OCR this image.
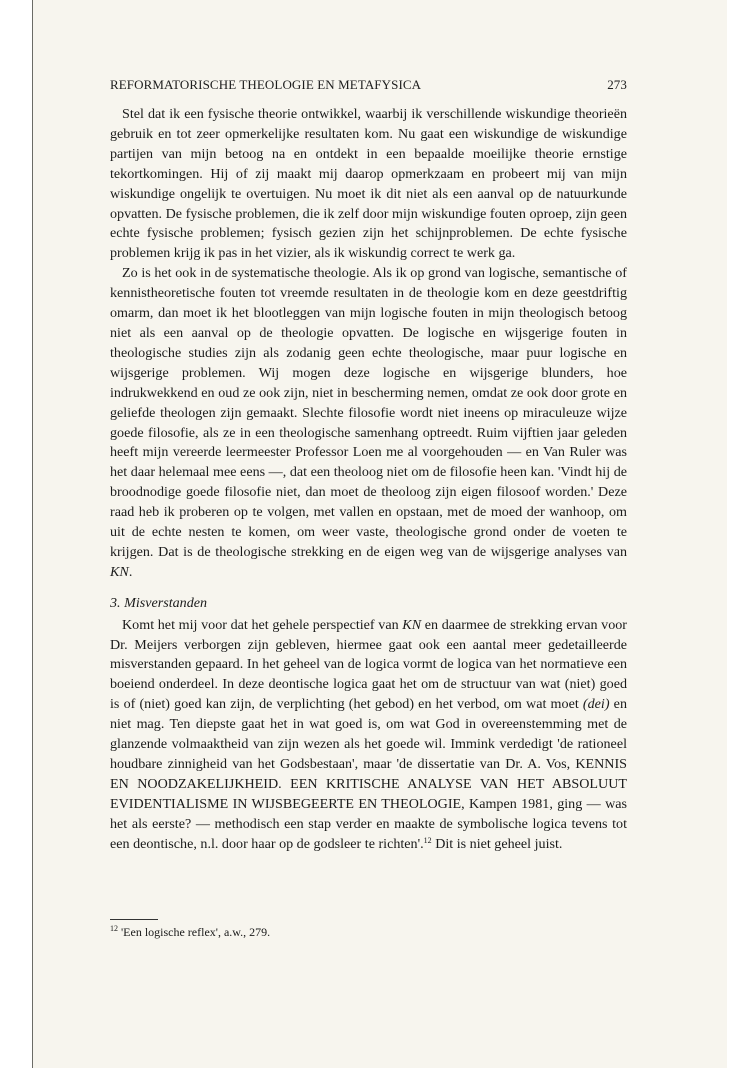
REFORMATORISCHE THEOLOGIE EN METAFYSICA	273

Stel dat ik een fysische theorie ontwikkel, waarbij ik verschillende wiskundige theorieën gebruik en tot zeer opmerkelijke resultaten kom. Nu gaat een wiskundige de wiskundige partijen van mijn betoog na en ontdekt in een bepaalde moeilijke theorie ernstige tekortkomingen. Hij of zij maakt mij daarop opmerkzaam en probeert mij van mijn wiskundige ongelijk te overtuigen. Nu moet ik dit niet als een aanval op de natuurkunde opvatten. De fysische problemen, die ik zelf door mijn wiskundige fouten oproep, zijn geen echte fysische problemen; fysisch gezien zijn het schijnproblemen. De echte fysische problemen krijg ik pas in het vizier, als ik wiskundig correct te werk ga.

Zo is het ook in de systematische theologie. Als ik op grond van logische, semantische of kennistheoretische fouten tot vreemde resultaten in de theologie kom en deze geestdriftig omarm, dan moet ik het blootleggen van mijn logische fouten in mijn theologisch betoog niet als een aanval op de theologie opvatten. De logische en wijsgerige fouten in theologische studies zijn als zodanig geen echte theologische, maar puur logische en wijsgerige problemen. Wij mogen deze logische en wijsgerige blunders, hoe indrukwekkend en oud ze ook zijn, niet in bescherming nemen, omdat ze ook door grote en geliefde theologen zijn gemaakt. Slechte filosofie wordt niet ineens op miraculeuze wijze goede filosofie, als ze in een theologische samenhang optreedt. Ruim vijftien jaar geleden heeft mijn vereerde leermeester Professor Loen me al voorgehouden — en Van Ruler was het daar helemaal mee eens —, dat een theoloog niet om de filosofie heen kan. 'Vindt hij de broodnodige goede filosofie niet, dan moet de theoloog zijn eigen filosoof worden.' Deze raad heb ik proberen op te volgen, met vallen en opstaan, met de moed der wanhoop, om uit de echte nesten te komen, om weer vaste, theologische grond onder de voeten te krijgen. Dat is de theologische strekking en de eigen weg van de wijsgerige analyses van KN.

3. Misverstanden

Komt het mij voor dat het gehele perspectief van KN en daarmee de strekking ervan voor Dr. Meijers verborgen zijn gebleven, hiermee gaat ook een aantal meer gedetailleerde misverstanden gepaard. In het geheel van de logica vormt de logica van het normatieve een boeiend onderdeel. In deze deontische logica gaat het om de structuur van wat (niet) goed is of (niet) goed kan zijn, de verplichting (het gebod) en het verbod, om wat moet (dei) en niet mag. Ten diepste gaat het in wat goed is, om wat God in overeenstemming met de glanzende volmaaktheid van zijn wezen als het goede wil. Immink verdedigt 'de rationeel houdbare zinnigheid van het Godsbestaan', maar 'de dissertatie van Dr. A. Vos, KENNIS EN NOODZAKELIJKHEID. EEN KRITISCHE ANALYSE VAN HET ABSOLUUT EVIDENTIALISME IN WIJSBEGEERTE EN THEOLOGIE, Kampen 1981, ging — was het als eerste? — methodisch een stap verder en maakte de symbolische logica tevens tot een deontische, n.l. door haar op de godsleer te richten'.$^{12}$ Dit is niet geheel juist.

$^{12}$ 'Een logische reflex', a.w., 279.
